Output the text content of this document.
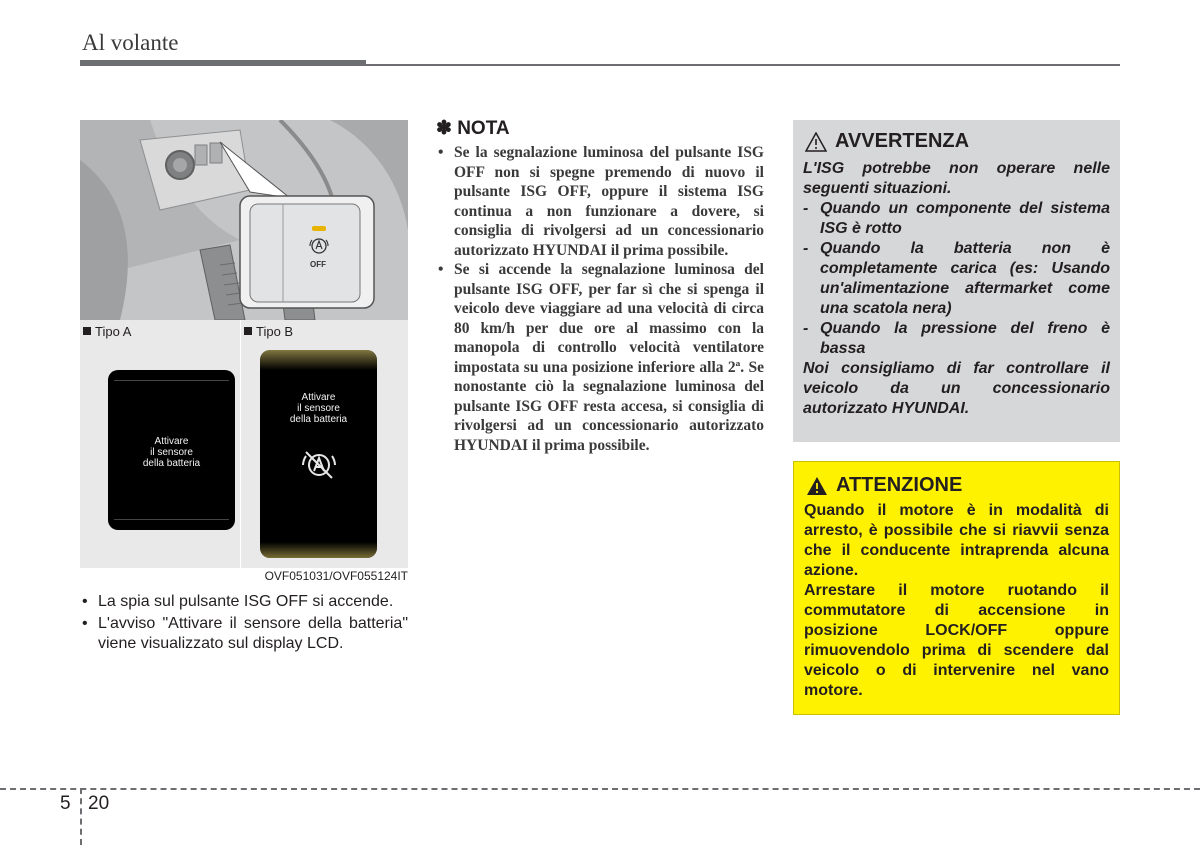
Al volante
OFF
Tipo A	Tipo B
Attivare
il sensore
della batteria
Attivare
il sensore
della batteria
OVF051031/OVF055124IT
• La spia sul pulsante ISG OFF si accende.
• L'avviso "Attivare il sensore della batteria" viene visualizzato sul display LCD.
✽ NOTA
• Se la segnalazione luminosa del pulsante ISG OFF non si spegne premendo di nuovo il pulsante ISG OFF, oppure il sistema ISG continua a non funzionare a dovere, si consiglia di rivolgersi ad un concessionario autorizzato HYUNDAI il prima possibile.
• Se si accende la segnalazione luminosa del pulsante ISG OFF, per far sì che si spenga il veicolo deve viaggiare ad una velocità di circa 80 km/h per due ore al massimo con la manopola di controllo velocità ventilatore impostata su una posizione inferiore alla 2ª. Se nonostante ciò la segnalazione luminosa del pulsante ISG OFF resta accesa, si consiglia di rivolgersi ad un concessionario autorizzato HYUNDAI il prima possibile.
AVVERTENZA

L'ISG potrebbe non operare nelle seguenti situazioni.

- Quando un componente del sistema ISG è rotto
- Quando la batteria non è completamente carica (es: Usando un'alimentazione aftermarket come una scatola nera)
- Quando la pressione del freno è bassa

Noi consigliamo di far controllare il veicolo da un concessionario autorizzato HYUNDAI.

ATTENZIONE

Quando il motore è in modalità di arresto, è possibile che si riavvii senza che il conducente intraprenda alcuna azione.

Arrestare il motore ruotando il commutatore di accensione in posizione LOCK/OFF oppure rimuovendolo prima di scendere dal veicolo o di intervenire nel vano motore.

5 20
